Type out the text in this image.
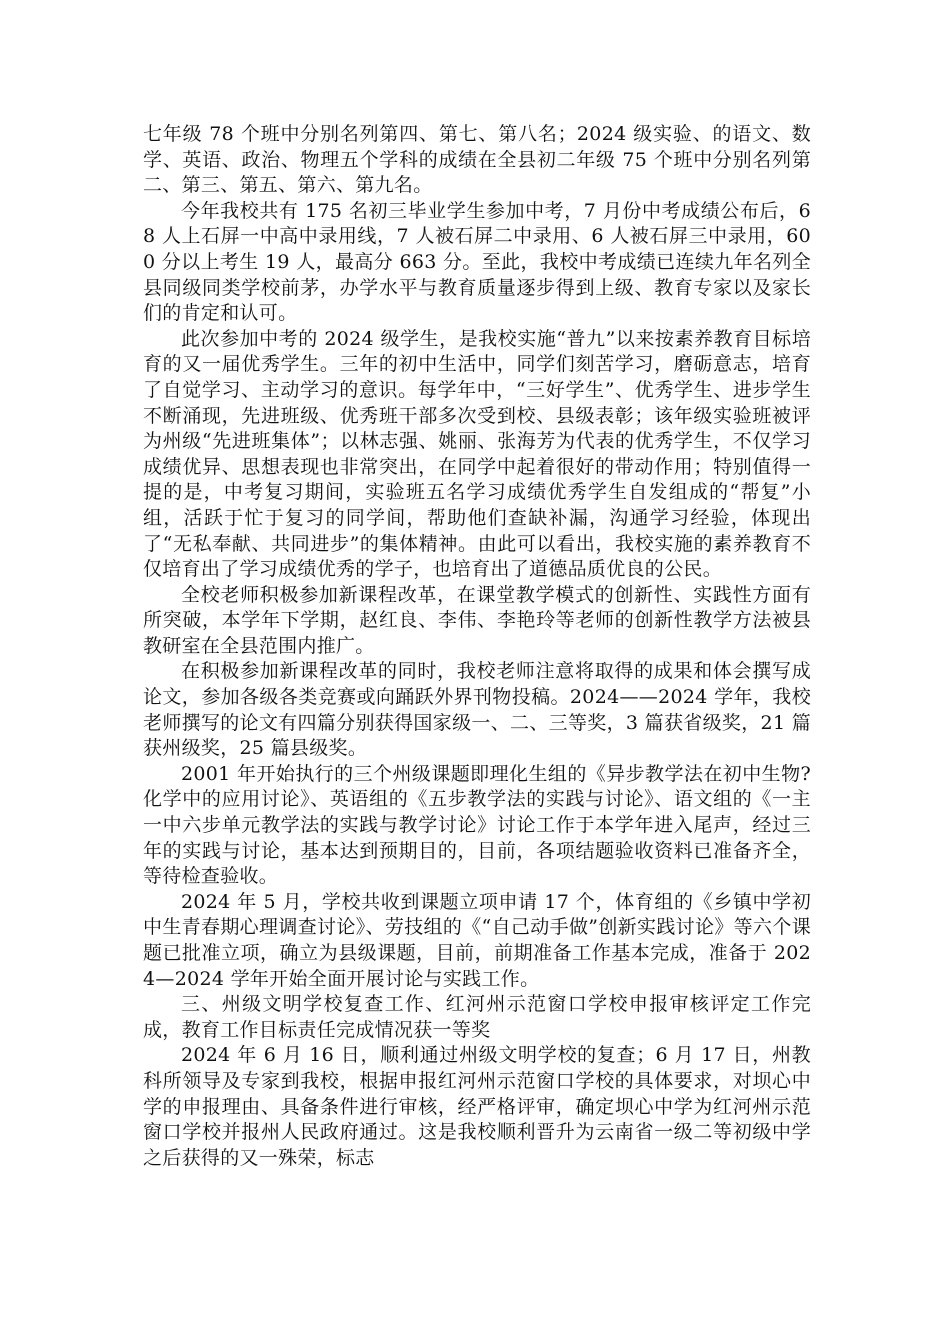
七年级 78 个班中分别名列第四、第七、第八名；2024 级实验、的语文、数学、英语、政治、物理五个学科的成绩在全县初二年级 75 个班中分别名列第二、第三、第五、第六、第九名。

今年我校共有 175 名初三毕业学生参加中考，7 月份中考成绩公布后，68 人上石屏一中高中录用线，7 人被石屏二中录用、6 人被石屏三中录用，600 分以上考生 19 人，最高分 663 分。至此，我校中考成绩已连续九年名列全县同级同类学校前茅，办学水平与教育质量逐步得到上级、教育专家以及家长们的肯定和认可。

此次参加中考的 2024 级学生，是我校实施“普九”以来按素养教育目标培育的又一届优秀学生。三年的初中生活中，同学们刻苦学习，磨砺意志，培育了自觉学习、主动学习的意识。每学年中，“三好学生”、优秀学生、进步学生不断涌现，先进班级、优秀班干部多次受到校、县级表彰；该年级实验班被评为州级“先进班集体”；以林志强、姚丽、张海芳为代表的优秀学生，不仅学习成绩优异、思想表现也非常突出，在同学中起着很好的带动作用；特别值得一提的是，中考复习期间，实验班五名学习成绩优秀学生自发组成的“帮复”小组，活跃于忙于复习的同学间，帮助他们查缺补漏，沟通学习经验，体现出了“无私奉献、共同进步”的集体精神。由此可以看出，我校实施的素养教育不仅培育出了学习成绩优秀的学子，也培育出了道德品质优良的公民。

全校老师积极参加新课程改革，在课堂教学模式的创新性、实践性方面有所突破，本学年下学期，赵红良、李伟、李艳玲等老师的创新性教学方法被县教研室在全县范围内推广。

在积极参加新课程改革的同时，我校老师注意将取得的成果和体会撰写成论文，参加各级各类竞赛或向踊跃外界刊物投稿。2024——2024 学年，我校老师撰写的论文有四篇分别获得国家级一、二、三等奖，3 篇获省级奖，21 篇获州级奖，25 篇县级奖。

2001 年开始执行的三个州级课题即理化生组的《异步教学法在初中生物?化学中的应用讨论》、英语组的《五步教学法的实践与讨论》、语文组的《一主一中六步单元教学法的实践与教学讨论》讨论工作于本学年进入尾声，经过三年的实践与讨论，基本达到预期目的，目前，各项结题验收资料已准备齐全，等待检查验收。

2024 年 5 月，学校共收到课题立项申请 17 个，体育组的《乡镇中学初中生青春期心理调查讨论》、劳技组的《“自己动手做”创新实践讨论》等六个课题已批准立项，确立为县级课题，目前，前期准备工作基本完成，准备于 2024—2024 学年开始全面开展讨论与实践工作。

三、州级文明学校复查工作、红河州示范窗口学校申报审核评定工作完成，教育工作目标责任完成情况获一等奖

2024 年 6 月 16 日，顺利通过州级文明学校的复查；6 月 17 日，州教科所领导及专家到我校，根据申报红河州示范窗口学校的具体要求，对坝心中学的申报理由、具备条件进行审核，经严格评审，确定坝心中学为红河州示范窗口学校并报州人民政府通过。这是我校顺利晋升为云南省一级二等初级中学之后获得的又一殊荣，标志
